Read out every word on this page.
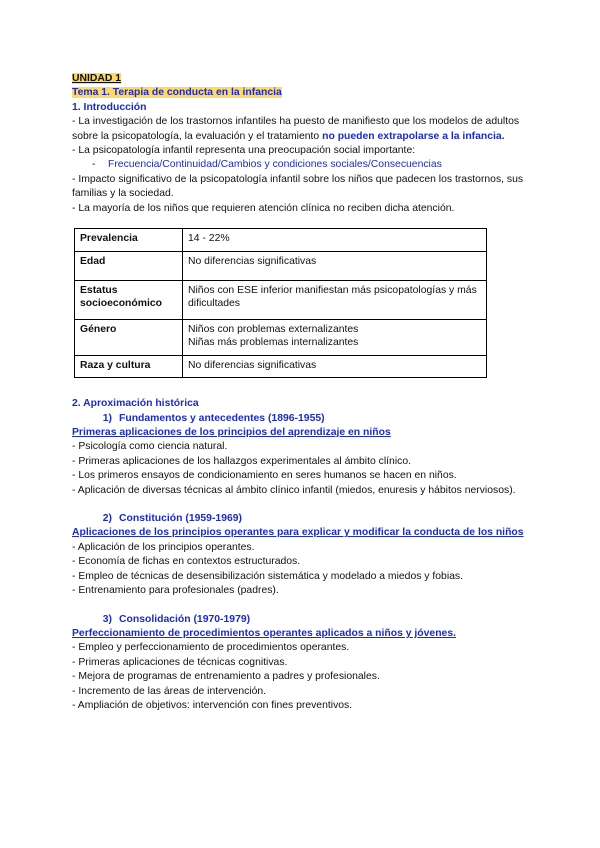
UNIDAD 1

Tema 1. Terapia de conducta en la infancia

1. Introducción

- La investigación de los trastornos infantiles ha puesto de manifiesto que los modelos de adultos sobre la psicopatología, la evaluación y el tratamiento no pueden extrapolarse a la infancia.

- La psicopatología infantil representa una preocupación social importante:

- Frecuencia/Continuidad/Cambios y condiciones sociales/Consecuencias

- Impacto significativo de la psicopatología infantil sobre los niños que padecen los trastornos, sus familias y la sociedad.

- La mayoría de los niños que requieren atención clínica no reciben dicha atención.

Prevalencia	14 - 22%
Edad	No diferencias significativas
Estatus socioeconómico	Niños con ESE inferior manifiestan más psicopatologías y más dificultades
Género	Niños con problemas externalizantes
Niñas más problemas internalizantes

Raza y cultura	No diferencias significativas

2. Aproximación histórica

1) Fundamentos y antecedentes (1896-1955)

Primeras aplicaciones de los principios del aprendizaje en niños

- Psicología como ciencia natural.

- Primeras aplicaciones de los hallazgos experimentales al ámbito clínico.

- Los primeros ensayos de condicionamiento en seres humanos se hacen en niños.

- Aplicación de diversas técnicas al ámbito clínico infantil (miedos, enuresis y hábitos nerviosos).

2) Constitución (1959-1969)

Aplicaciones de los principios operantes para explicar y modificar la conducta de los niños

- Aplicación de los principios operantes.

- Economía de fichas en contextos estructurados.

- Empleo de técnicas de desensibilización sistemática y modelado a miedos y fobias.

- Entrenamiento para profesionales (padres).

3) Consolidación (1970-1979)

Perfeccionamiento de procedimientos operantes aplicados a niños y jóvenes.

- Empleo y perfeccionamiento de procedimientos operantes.

- Primeras aplicaciones de técnicas cognitivas.

- Mejora de programas de entrenamiento a padres y profesionales.

- Incremento de las áreas de intervención.

- Ampliación de objetivos: intervención con fines preventivos.
